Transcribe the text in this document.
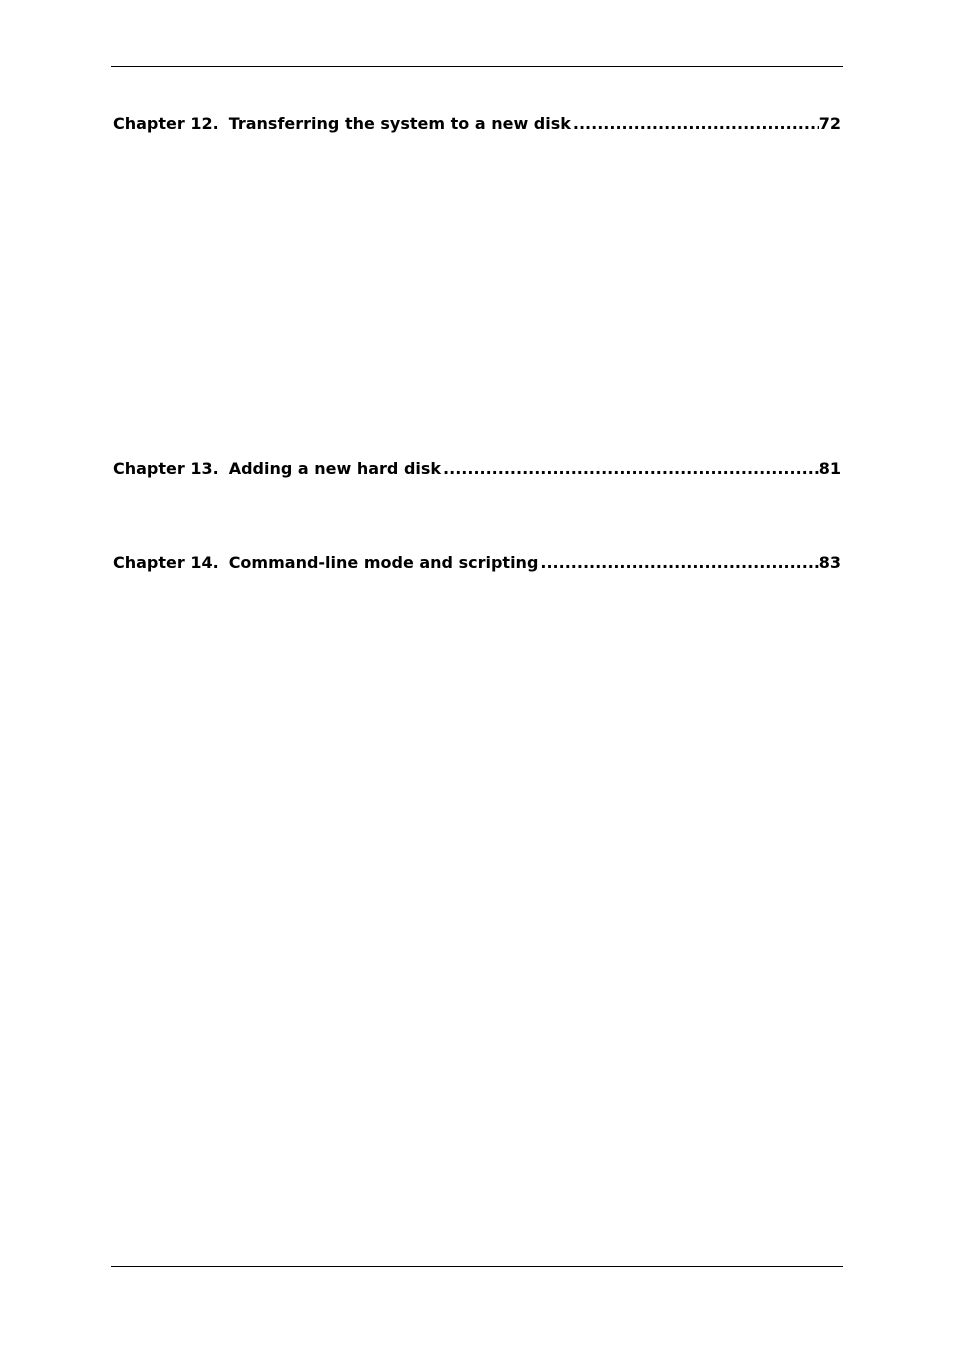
Chapter 12. Transferring the system to a new disk .....	72
Chapter 13. Adding a new hard disk .....	81
Chapter 14. Command-line mode and scripting .....	83
